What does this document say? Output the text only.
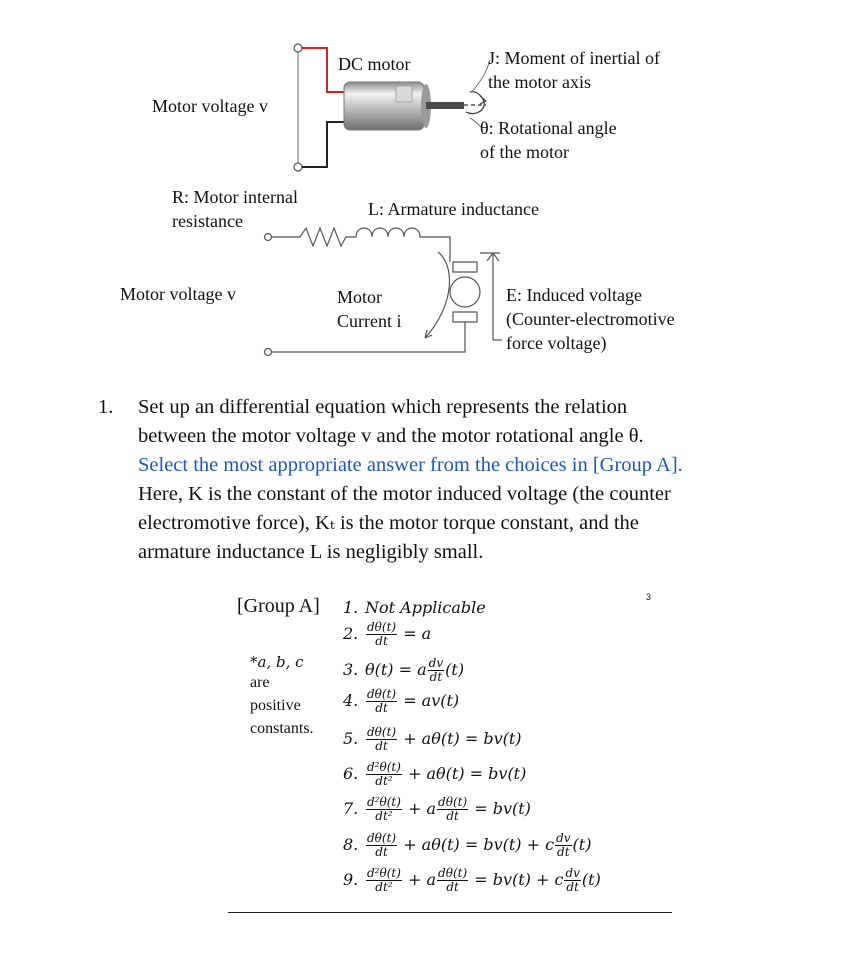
DC motor	J: Moment of inertial of
the motor axis
Motor voltage v
θ: Rotational angle
of the motor
R: Motor internal
resistance
L: Armature inductance
Motor voltage v	Motor
Current i
E: Induced voltage
(Counter-electromotive
force voltage)
1. Set up an differential equation which represents the relation
between the motor voltage v and the motor rotational angle θ.
Select the most appropriate answer from the choices in [Group A].
Here, K is the constant of the motor induced voltage (the counter
electromotive force), Kₜ is the motor torque constant, and the
armature inductance L is negligibly small.
[Group A]	3
*a, b, c
are
positive
constants.
1. Not Applicable
2. $\frac{d\theta(t)}{dt} = a$
3. θ(t) = a $\frac{dv}{dt} (t)$
4. $\frac{d\theta(t)}{dt} = av(t)$
5. $\frac{d\theta(t)}{dt} + a\theta(t) = bv(t)$
6. $\frac{\text{d²θ(t)}}{\text{dt²}} + a\theta(t) = bv(t)$
7. $\frac{\text{d²θ(t)}}{\text{dt²}} + a \frac{d\theta(t)}{dt} = bv(t)$
8. $\frac{d\theta(t)}{dt} + a\theta(t) = bv(t) + c \frac{dv}{dt} (t)$
9. $\frac{\text{d²θ(t)}}{\text{dt²}} + a \frac{d\theta(t)}{dt} = bv(t) + c \frac{dv}{dt} (t)$
